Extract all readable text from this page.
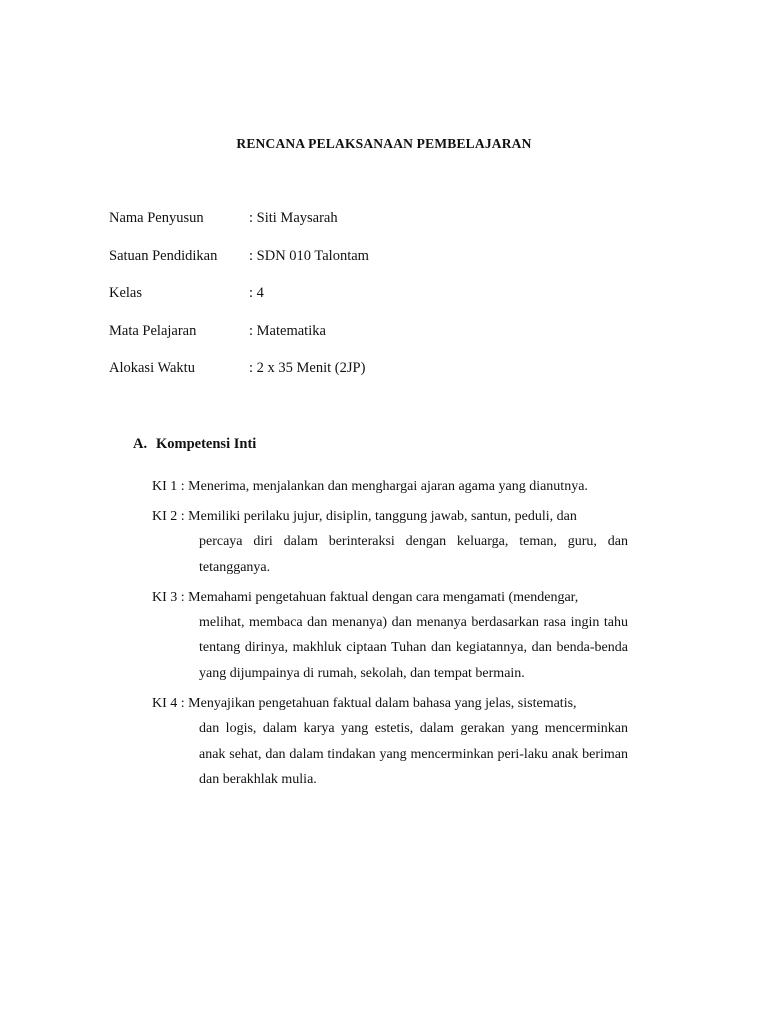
RENCANA PELAKSANAAN PEMBELAJARAN
Nama Penyusun	: Siti Maysarah
Satuan Pendidikan : SDN 010 Talontam
Kelas	: 4
Mata Pelajaran	: Matematika
Alokasi Waktu	: 2 x 35 Menit (2JP)
A. Kompetensi Inti
KI 1 : Menerima, menjalankan dan menghargai ajaran agama yang dianutnya.
KI 2 : Memiliki perilaku jujur, disiplin, tanggung jawab, santun, peduli, dan
percaya diri dalam berinteraksi dengan keluarga, teman, guru, dan tetangganya.
KI 3 : Memahami pengetahuan faktual dengan cara mengamati (mendengar,
melihat, membaca dan menanya) dan menanya berdasarkan rasa ingin tahu tentang dirinya, makhluk ciptaan Tuhan dan kegiatannya, dan benda-benda yang dijumpainya di rumah, sekolah, dan tempat bermain.
KI 4 : Menyajikan pengetahuan faktual dalam bahasa yang jelas, sistematis,
dan logis, dalam karya yang estetis, dalam gerakan yang mencerminkan anak sehat, dan dalam tindakan yang mencerminkan peri-laku anak beriman dan berakhlak mulia.
